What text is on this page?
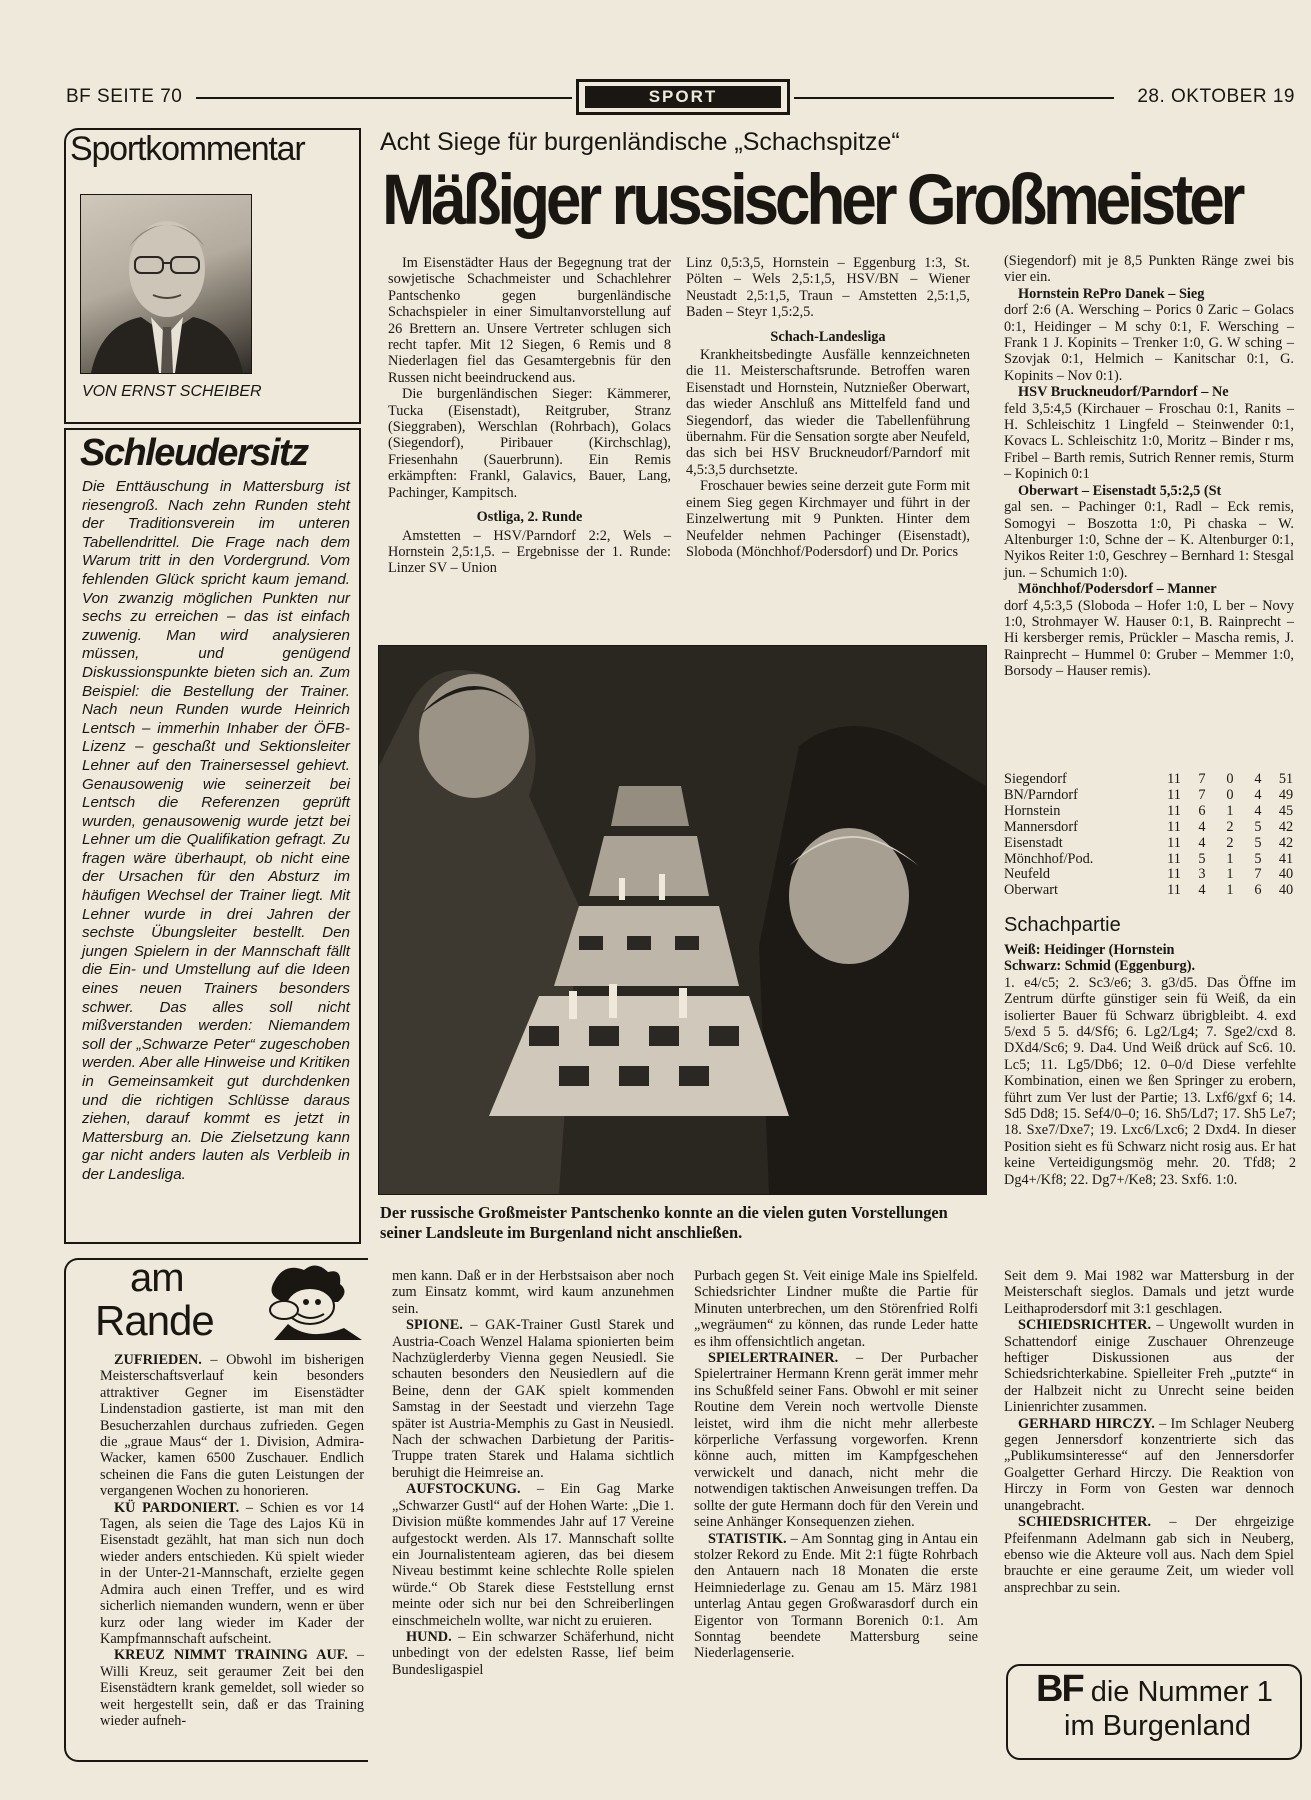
BF SEITE 70	SPORT	28. OKTOBER 19
Sportkommentar
VON ERNST SCHEIBER
Schleudersitz
Die Enttäuschung in Mattersburg ist riesengroß. Nach zehn Runden steht der Traditionsverein im unteren Tabellendrittel. Die Frage nach dem Warum tritt in den Vordergrund. Vom fehlenden Glück spricht kaum jemand. Von zwanzig möglichen Punkten nur sechs zu erreichen – das ist einfach zuwenig. Man wird analysieren müssen, und genügend Diskussionspunkte bieten sich an. Zum Beispiel: die Bestellung der Trainer. Nach neun Runden wurde Heinrich Lentsch – immerhin Inhaber der ÖFB-Lizenz – geschaßt und Sektionsleiter Lehner auf den Trainersessel gehievt. Genausowenig wie seinerzeit bei Lentsch die Referenzen geprüft wurden, genausowenig wurde jetzt bei Lehner um die Qualifikation gefragt. Zu fragen wäre überhaupt, ob nicht eine der Ursachen für den Absturz im häufigen Wechsel der Trainer liegt. Mit Lehner wurde in drei Jahren der sechste Übungsleiter bestellt. Den jungen Spielern in der Mannschaft fällt die Ein- und Umstellung auf die Ideen eines neuen Trainers besonders schwer. Das alles soll nicht mißverstanden werden: Niemandem soll der „Schwarze Peter“ zugeschoben werden. Aber alle Hinweise und Kritiken in Gemeinsamkeit gut durchdenken und die richtigen Schlüsse daraus ziehen, darauf kommt es jetzt in Mattersburg an. Die Zielsetzung kann gar nicht anders lauten als Verbleib in der Landesliga.
Acht Siege für burgenländische „Schachspitze“
Mäßiger russischer Großmeister

Im Eisenstädter Haus der Begegnung trat der sowjetische Schachmeister und Schachlehrer Pantschenko gegen burgenländische Schachspieler in einer Simultanvorstellung auf 26 Brettern an. Unsere Vertreter schlugen sich recht tapfer. Mit 12 Siegen, 6 Remis und 8 Niederlagen fiel das Gesamtergebnis für den Russen nicht beeindruckend aus.

Die burgenländischen Sieger: Kämmerer, Tucka (Eisenstadt), Reitgruber, Stranz (Sieggraben), Werschlan (Rohrbach), Golacs (Siegendorf), Piribauer (Kirchschlag), Friesenhahn (Sauerbrunn). Ein Remis erkämpften: Frankl, Galavics, Bauer, Lang, Pachinger, Kampitsch.

Ostliga, 2. Runde

Amstetten – HSV/Parndorf 2:2, Wels – Hornstein 2,5:1,5. – Ergebnisse der 1. Runde: Linzer SV – Union

Linz 0,5:3,5, Hornstein – Eggenburg 1:3, St. Pölten – Wels 2,5:1,5, HSV/BN – Wiener Neustadt 2,5:1,5, Traun – Amstetten 2,5:1,5, Baden – Steyr 1,5:2,5.

Schach-Landesliga

Krankheitsbedingte Ausfälle kennzeichneten die 11. Meisterschaftsrunde. Betroffen waren Eisenstadt und Hornstein, Nutznießer Oberwart, das wieder Anschluß ans Mittelfeld fand und Siegendorf, das wieder die Tabellenführung übernahm. Für die Sensation sorgte aber Neufeld, das sich bei HSV Bruckneudorf/Parndorf mit 4,5:3,5 durchsetzte.

Froschauer bewies seine derzeit gute Form mit einem Sieg gegen Kirchmayer und führt in der Einzelwertung mit 9 Punkten. Hinter dem Neufelder nehmen Pachinger (Eisenstadt), Sloboda (Mönchhof/Podersdorf) und Dr. Porics

(Siegendorf) mit je 8,5 Punkten Ränge zwei bis vier ein.

Hornstein RePro Danek – Sieg

dorf 2:6 (A. Wersching – Porics 0 Zaric – Golacs 0:1, Heidinger – M schy 0:1, F. Wersching – Frank 1 J. Kopinits – Trenker 1:0, G. W sching – Szovjak 0:1, Helmich – Kanitschar 0:1, G. Kopinits – Nov 0:1).

HSV Bruckneudorf/Parndorf – Ne

feld 3,5:4,5 (Kirchauer – Froschau 0:1, Ranits – H. Schleischitz 1 Lingfeld – Steinwender 0:1, Kovacs L. Schleischitz 1:0, Moritz – Binder r ms, Fribel – Barth remis, Sutrich Renner remis, Sturm – Kopinich 0:1

Oberwart – Eisenstadt 5,5:2,5 (St

gal sen. – Pachinger 0:1, Radl – Eck remis, Somogyi – Boszotta 1:0, Pi chaska – W. Altenburger 1:0, Schne der – K. Altenburger 0:1, Nyikos Reiter 1:0, Geschrey – Bernhard 1: Stesgal jun. – Schumich 1:0).

Mönchhof/Podersdorf – Manner

dorf 4,5:3,5 (Sloboda – Hofer 1:0, L ber – Novy 1:0, Strohmayer W. Hauser 0:1, B. Rainprecht – Hi kersberger remis, Prückler – Mascha remis, J. Rainprecht – Hummel 0: Gruber – Memmer 1:0, Borsody – Hauser remis).

Der russische Großmeister Pantschenko konnte an die vielen guten Vorstellungen seiner Landsleute im Burgenland nicht anschließen.
Siegendorf	11	7	0	4	51
BN/Parndorf	11	7	0	4	49
Hornstein	11	6	1	4	45
Mannersdorf	11	4	2	5	42
Eisenstadt	11	4	2	5	42
Mönchhof/Pod.	11	5	1	5	41
Neufeld	11	3	1	7	40
Oberwart	11	4	1	6	40
Schachpartie

Weiß: Heidinger (Hornstein

Schwarz: Schmid (Eggenburg).

1. e4/c5; 2. Sc3/e6; 3. g3/d5. Das Öffne im Zentrum dürfte günstiger sein fü Weiß, da ein isolierter Bauer fü Schwarz übrigbleibt. 4. exd 5/exd 5 5. d4/Sf6; 6. Lg2/Lg4; 7. Sge2/cxd 8. DXd4/Sc6; 9. Da4. Und Weiß drück auf Sc6. 10. Lc5; 11. Lg5/Db6; 12. 0–0/d Diese verfehlte Kombination, einen we ßen Springer zu erobern, führt zum Ver lust der Partie; 13. Lxf6/gxf 6; 14. Sd5 Dd8; 15. Sef4/0–0; 16. Sh5/Ld7; 17. Sh5 Le7; 18. Sxe7/Dxe7; 19. Lxc6/Lxc6; 2 Dxd4. In dieser Position sieht es fü Schwarz nicht rosig aus. Er hat keine Verteidigungsmög mehr. 20. Tfd8; 2 Dg4+/Kf8; 22. Dg7+/Ke8; 23. Sxf6. 1:0.

am
Rande

ZUFRIEDEN. – Obwohl im bisherigen Meisterschaftsverlauf kein besonders attraktiver Gegner im Eisenstädter Lindenstadion gastierte, ist man mit den Besucherzahlen durchaus zufrieden. Gegen die „graue Maus“ der 1. Division, Admira-Wacker, kamen 6500 Zuschauer. Endlich scheinen die Fans die guten Leistungen der vergangenen Wochen zu honorieren.

KÜ PARDONIERT. – Schien es vor 14 Tagen, als seien die Tage des Lajos Kü in Eisenstadt gezählt, hat man sich nun doch wieder anders entschieden. Kü spielt wieder in der Unter-21-Mannschaft, erzielte gegen Admira auch einen Treffer, und es wird sicherlich niemanden wundern, wenn er über kurz oder lang wieder im Kader der Kampfmannschaft aufscheint.

KREUZ NIMMT TRAINING AUF. – Willi Kreuz, seit geraumer Zeit bei den Eisenstädtern krank gemeldet, soll wieder so weit hergestellt sein, daß er das Training wieder aufneh-

men kann. Daß er in der Herbstsaison aber noch zum Einsatz kommt, wird kaum anzunehmen sein.

SPIONE. – GAK-Trainer Gustl Starek und Austria-Coach Wenzel Halama spionierten beim Nachzüglerderby Vienna gegen Neusiedl. Sie schauten besonders den Neusiedlern auf die Beine, denn der GAK spielt kommenden Samstag in der Seestadt und vierzehn Tage später ist Austria-Memphis zu Gast in Neusiedl. Nach der schwachen Darbietung der Paritis-Truppe traten Starek und Halama sichtlich beruhigt die Heimreise an.

AUFSTOCKUNG. – Ein Gag Marke „Schwarzer Gustl“ auf der Hohen Warte: „Die 1. Division müßte kommendes Jahr auf 17 Vereine aufgestockt werden. Als 17. Mannschaft sollte ein Journalistenteam agieren, das bei diesem Niveau bestimmt keine schlechte Rolle spielen würde.“ Ob Starek diese Feststellung ernst meinte oder sich nur bei den Schreiberlingen einschmeicheln wollte, war nicht zu eruieren.

HUND. – Ein schwarzer Schäferhund, nicht unbedingt von der edelsten Rasse, lief beim Bundesligaspiel

Purbach gegen St. Veit einige Male ins Spielfeld. Schiedsrichter Lindner mußte die Partie für Minuten unterbrechen, um den Störenfried Rolfi „wegräumen“ zu können, das runde Leder hatte es ihm offensichtlich angetan.

SPIELERTRAINER. – Der Purbacher Spielertrainer Hermann Krenn gerät immer mehr ins Schußfeld seiner Fans. Obwohl er mit seiner Routine dem Verein noch wertvolle Dienste leistet, wird ihm die nicht mehr allerbeste körperliche Verfassung vorgeworfen. Krenn könne auch, mitten im Kampfgeschehen verwickelt und danach, nicht mehr die notwendigen taktischen Anweisungen treffen. Da sollte der gute Hermann doch für den Verein und seine Anhänger Konsequenzen ziehen.

STATISTIK. – Am Sonntag ging in Antau ein stolzer Rekord zu Ende. Mit 2:1 fügte Rohrbach den Antauern nach 18 Monaten die erste Heimniederlage zu. Genau am 15. März 1981 unterlag Antau gegen Großwarasdorf durch ein Eigentor von Tormann Borenich 0:1. Am Sonntag beendete Mattersburg seine Niederlagenserie.

Seit dem 9. Mai 1982 war Mattersburg in der Meisterschaft sieglos. Damals und jetzt wurde Leithaprodersdorf mit 3:1 geschlagen.

SCHIEDSRICHTER. – Ungewollt wurden in Schattendorf einige Zuschauer Ohrenzeuge heftiger Diskussionen aus der Schiedsrichterkabine. Spielleiter Freh „putzte“ in der Halbzeit nicht zu Unrecht seine beiden Linienrichter zusammen.

GERHARD HIRCZY. – Im Schlager Neuberg gegen Jennersdorf konzentrierte sich das „Publikumsinteresse“ auf den Jennersdorfer Goalgetter Gerhard Hirczy. Die Reaktion von Hirczy in Form von Gesten war dennoch unangebracht.

SCHIEDSRICHTER. – Der ehrgeizige Pfeifenmann Adelmann gab sich in Neuberg, ebenso wie die Akteure voll aus. Nach dem Spiel brauchte er eine geraume Zeit, um wieder voll ansprechbar zu sein.

BF die Nummer 1
im Burgenland
